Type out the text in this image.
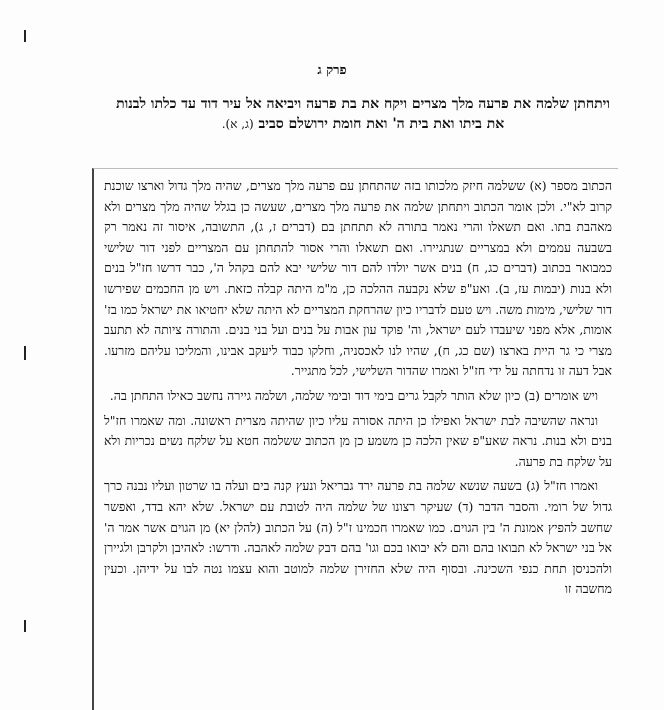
פרק ג
ויתחתן שלמה את פרעה מלך מצרים ויקח את בת פרעה ויביאה אל עיר דוד עד כלתו לבנות את ביתו ואת בית ה' ואת חומת ירושלם סביב (ג, א).

הכתוב מספר (א) ששלמה חיזק מלכותו בזה שהתחתן עם פרעה מלך מצרים, שהיה מלך גדול וארצו שוכנת קרוב לא"י. ולכן אומר הכתוב ויתחתן שלמה את פרעה מלך מצרים, שעשה כן בגלל שהיה מלך מצרים ולא מאהבת בתו. ואם תשאלו והרי נאמר בתורה לא תתחתן בם (דברים ז, ג), התשובה, איסור זה נאמר רק בשבעה עממים ולא במצריים שנתגיירו. ואם תשאלו והרי אסור להתחתן עם המצריים לפני דור שלישי כמבואר בכתוב (דברים כג, ח) בנים אשר יולדו להם דור שלישי יבא להם בקהל ה', כבר דרשו חז"ל בנים ולא בנות (יבמות עז, ב). ואע"פ שלא נקבעה ההלכה כן, מ"מ היתה קבלה כזאת. ויש מן החכמים שפירשו דור שלישי, מימות משה. ויש טעם לדבריו כיון שהרחקת המצריים לא היתה שלא יחטיאו את ישראל כמו בז' אומות, אלא מפני שיעבדו לעם ישראל, וה' פוקד עון אבות על בנים ועל בני בנים. והתורה ציותה לא תתעב מצרי כי גר היית בארצו (שם כג, ח), שהיו לנו לאכסניה, וחלקו כבוד ליעקב אבינו, והמליכו עליהם מזרעו. אבל דעה זו נדחתה על ידי חז"ל ואמרו שהדור השלישי, לכל מתגייר.

ויש אומרים (ב) כיון שלא הותר לקבל גרים בימי דוד ובימי שלמה, ושלמה גיירה נחשב כאילו התחתן בה.

ונראה שהשיבה לבת ישראל ואפילו כן היתה אסורה עליו כיון שהיתה מצרית ראשונה. ומה שאמרו חז"ל בנים ולא בנות. נראה שאע"פ שאין הלכה כן משמע כן מן הכתוב ששלמה חטא על שלקח נשים נכריות ולא על שלקח בת פרעה.

ואמרו חז"ל (ג) בשעה שנשא שלמה בת פרעה ירד גבריאל ונעץ קנה בים ועלה בו שרטון ועליו נבנה כרך גדול של רומי. והסבר הדבר (ד) שעיקר רצונו של שלמה היה לטובת עם ישראל. שלא יהא בדד, ואפשר שחשב להפיץ אמונת ה' בין הגוים. כמו שאמרו חכמינו ז"ל (ה) על הכתוב (להלן יא) מן הגוים אשר אמר ה' אל בני ישראל לא תבואו בהם והם לא יבואו בכם וגו' בהם דבק שלמה לאהבה. ודרשו: לאהיבן ולקרבן ולגיירן ולהכניסן תחת כנפי השכינה. ובסוף היה שלא החזירן שלמה למוטב והוא עצמו נטה לבו על ידיהן. וכעין מחשבה זו
